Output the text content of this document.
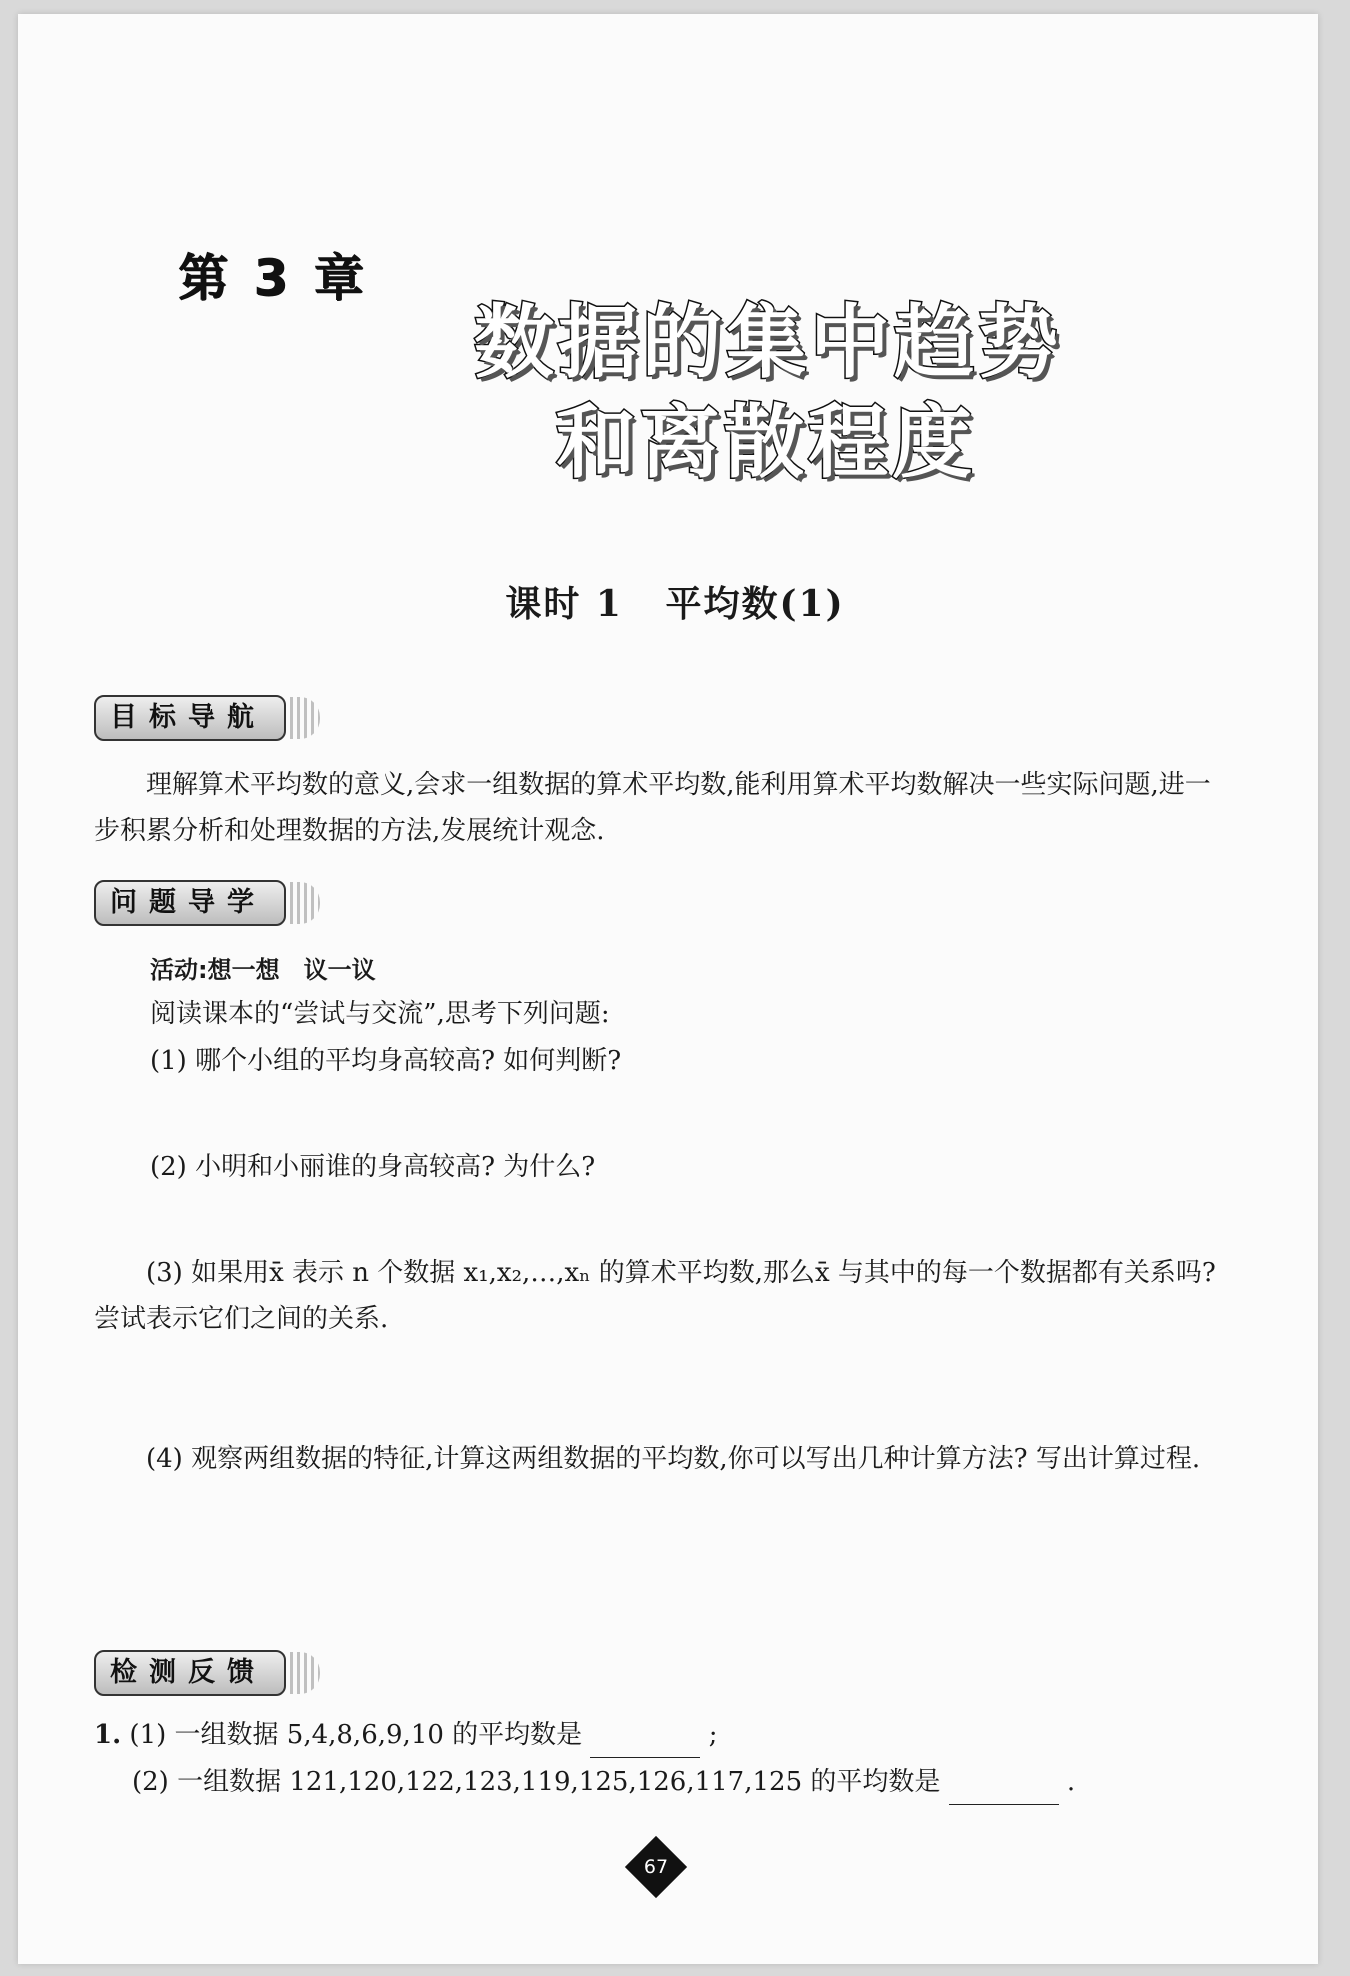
第 3 章
数据的集中趋势
和离散程度
课时 1 平均数(1)
目标导航
理解算术平均数的意义,会求一组数据的算术平均数,能利用算术平均数解决一些实际问题,进一步积累分析和处理数据的方法,发展统计观念.
问题导学
活动:想一想　议一议
阅读课本的“尝试与交流”,思考下列问题:
(1) 哪个小组的平均身高较高? 如何判断?
(2) 小明和小丽谁的身高较高? 为什么?
(3) 如果用x̄ 表示 n 个数据 x₁,x₂,…,xₙ 的算术平均数,那么x̄ 与其中的每一个数据都有关系吗? 尝试表示它们之间的关系.
(4) 观察两组数据的特征,计算这两组数据的平均数,你可以写出几种计算方法? 写出计算过程.
检测反馈
1. (1) 一组数据 5,4,8,6,9,10 的平均数是	;
(2) 一组数据 121,120,122,123,119,125,126,117,125 的平均数是	.
67
